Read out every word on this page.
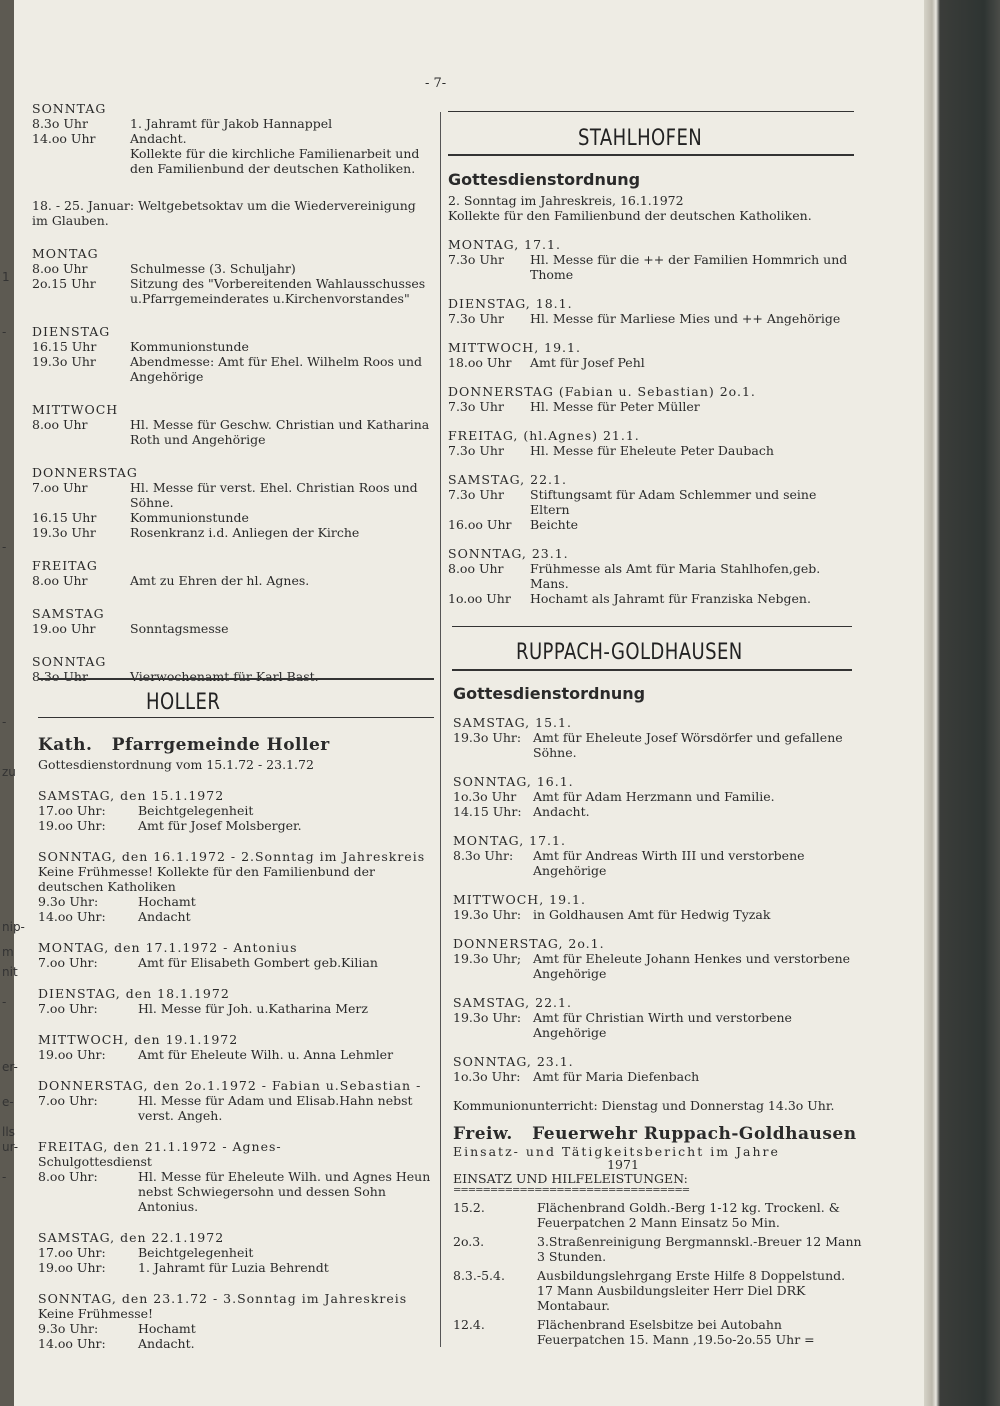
1
-
-
-
zu
nip-
m
nit
-
er-
e-
lls
ur-
-
- 7-
SONNTAG
8.3o Uhr	1. Jahramt für Jakob Hannappel
14.oo Uhr	Andacht.
Kollekte für die kirchliche Familienarbeit und den Familienbund der deutschen Katholiken.
18. - 25. Januar: Weltgebetsoktav um die Wiedervereinigung im Glauben.
MONTAG
8.oo Uhr	Schulmesse (3. Schuljahr)
2o.15 Uhr	Sitzung des "Vorbereitenden Wahlausschusses u.Pfarrgemeinderates u.Kirchenvorstandes"
DIENSTAG
16.15 Uhr	Kommunionstunde
19.3o Uhr	Abendmesse: Amt für Ehel. Wilhelm Roos und Angehörige
MITTWOCH
8.oo Uhr	Hl. Messe für Geschw. Christian und Katharina Roth und Angehörige
DONNERSTAG
7.oo Uhr	Hl. Messe für verst. Ehel. Christian Roos und Söhne.
16.15 Uhr	Kommunionstunde
19.3o Uhr	Rosenkranz i.d. Anliegen der Kirche
FREITAG
8.oo Uhr	Amt zu Ehren der hl. Agnes.
SAMSTAG
19.oo Uhr	Sonntagsmesse
SONNTAG
8.3o Uhr	Vierwochenamt für Karl Bast.
HOLLER
Kath. Pfarrgemeinde Holler
Gottesdienstordnung vom 15.1.72 - 23.1.72
SAMSTAG, den 15.1.1972
17.oo Uhr:	Beichtgelegenheit
19.oo Uhr:	Amt für Josef Molsberger.
SONNTAG, den 16.1.1972 - 2.Sonntag im Jahreskreis
Keine Frühmesse! Kollekte für den Familienbund der deutschen Katholiken
9.3o Uhr:	Hochamt
14.oo Uhr:	Andacht
MONTAG, den 17.1.1972 - Antonius
7.oo Uhr:	Amt für Elisabeth Gombert geb.Kilian
DIENSTAG, den 18.1.1972
7.oo Uhr:	Hl. Messe für Joh. u.Katharina Merz
MITTWOCH, den 19.1.1972
19.oo Uhr:	Amt für Eheleute Wilh. u. Anna Lehmler
DONNERSTAG, den 2o.1.1972 - Fabian u.Sebastian -
7.oo Uhr:	Hl. Messe für Adam und Elisab.Hahn nebst verst. Angeh.
FREITAG, den 21.1.1972 - Agnes-
Schulgottesdienst
8.oo Uhr:	Hl. Messe für Eheleute Wilh. und Agnes Heun nebst Schwiegersohn und dessen Sohn Antonius.
SAMSTAG, den 22.1.1972
17.oo Uhr:	Beichtgelegenheit
19.oo Uhr:	1. Jahramt für Luzia Behrendt
SONNTAG, den 23.1.72 - 3.Sonntag im Jahreskreis
Keine Frühmesse!
9.3o Uhr:	Hochamt
14.oo Uhr:	Andacht.
STAHLHOFEN
Gottesdienstordnung
2. Sonntag im Jahreskreis, 16.1.1972
Kollekte für den Familienbund der deutschen Katholiken.
MONTAG, 17.1.
7.3o Uhr	Hl. Messe für die ++ der Familien Hommrich und Thome
DIENSTAG, 18.1.
7.3o Uhr	Hl. Messe für Marliese Mies und ++ Angehörige
MITTWOCH, 19.1.
18.oo Uhr	Amt für Josef Pehl
DONNERSTAG (Fabian u. Sebastian) 2o.1.
7.3o Uhr	Hl. Messe für Peter Müller
FREITAG, (hl.Agnes) 21.1.
7.3o Uhr	Hl. Messe für Eheleute Peter Daubach
SAMSTAG, 22.1.
7.3o Uhr	Stiftungsamt für Adam Schlemmer und seine Eltern
16.oo Uhr	Beichte
SONNTAG, 23.1.
8.oo Uhr	Frühmesse als Amt für Maria Stahlhofen,geb. Mans.
1o.oo Uhr	Hochamt als Jahramt für Franziska Nebgen.
RUPPACH-GOLDHAUSEN
Gottesdienstordnung
SAMSTAG, 15.1.
19.3o Uhr: Amt für Eheleute Josef Wörsdörfer und gefallene Söhne.
SONNTAG, 16.1.
1o.3o Uhr	Amt für Adam Herzmann und Familie.
14.15 Uhr: Andacht.
MONTAG, 17.1.
8.3o Uhr:	Amt für Andreas Wirth III und verstorbene Angehörige
MITTWOCH, 19.1.
19.3o Uhr: in Goldhausen Amt für Hedwig Tyzak
DONNERSTAG, 2o.1.
19.3o Uhr; Amt für Eheleute Johann Henkes und verstorbene Angehörige
SAMSTAG, 22.1.
19.3o Uhr: Amt für Christian Wirth und verstorbene Angehörige
SONNTAG, 23.1.
1o.3o Uhr:	Amt für Maria Diefenbach
Kommunionunterricht: Dienstag und Donnerstag 14.3o Uhr.
Freiw. Feuerwehr Ruppach-Goldhausen
Einsatz- und Tätigkeitsbericht im Jahre
1971
EINSATZ UND HILFELEISTUNGEN:
================================
15.2.	Flächenbrand Goldh.-Berg 1-12 kg. Trockenl. & Feuerpatchen 2 Mann Einsatz 5o Min.
2o.3.	3.Straßenreinigung Bergmannskl.-Breuer 12 Mann 3 Stunden.
8.3.-5.4.	Ausbildungslehrgang Erste Hilfe 8 Doppelstund. 17 Mann Ausbildungsleiter Herr Diel DRK Montabaur.
12.4.	Flächenbrand Eselsbitze bei Autobahn Feuerpatchen 15. Mann ,19.5o-2o.55 Uhr =
